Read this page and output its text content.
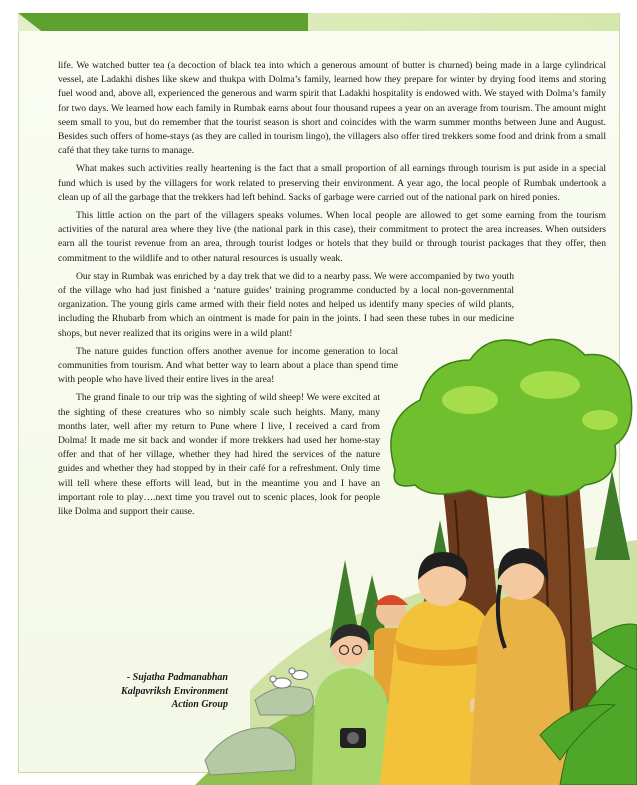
life. We watched butter tea (a decoction of black tea into which a generous amount of butter is churned) being made in a large cylindrical vessel, ate Ladakhi dishes like skew and thukpa with Dolma’s family, learned how they prepare for winter by drying food items and storing fuel wood and, above all, experienced the generous and warm spirit that Ladakhi hospitality is endowed with. We stayed with Dolma’s family for two days. We learned how each family in Rumbak earns about four thousand rupees a year on an average from tourism. The amount might seem small to you, but do remember that the tourist season is short and coincides with the warm summer months between June and August. Besides such offers of home-stays (as they are called in tourism lingo), the villagers also offer tired trekkers some food and drink from a small café that they take turns to manage.

What makes such activities really heartening is the fact that a small proportion of all earnings through tourism is put aside in a special fund which is used by the villagers for work related to preserving their environment. A year ago, the local people of Rumbak undertook a clean up of all the garbage that the trekkers had left behind. Sacks of garbage were carried out of the national park on hired ponies.

This little action on the part of the villagers speaks volumes. When local people are allowed to get some earning from the tourism activities of the natural area where they live (the national park in this case), their commitment to protect the area increases. When outsiders earn all the tourist revenue from an area, through tourist lodges or hotels that they build or through tourist packages that they offer, then commitment to the wildlife and to other natural resources is usually weak.

Our stay in Rumbak was enriched by a day trek that we did to a nearby pass. We were accompanied by two youth of the village who had just finished a ‘nature guides’ training programme conducted by a local non-governmental organization. The young girls came armed with their field notes and helped us identify many species of wild plants, including the Rhubarb from which an ointment is made for pain in the joints. I had seen these tubes in our medicine shops, but never realized that its origins were in a wild plant!

The nature guides function offers another avenue for income generation to local communities from tourism. And what better way to learn about a place than spend time with people who have lived their entire lives in the area!

The grand finale to our trip was the sighting of wild sheep! We were excited at the sighting of these creatures who so nimbly scale such heights. Many, many months later, well after my return to Pune where I live, I received a card from Dolma! It made me sit back and wonder if more trekkers had used her home-stay offer and that of her village, whether they had hired the services of the nature guides and whether they had stopped by in their café for a refreshment. Only time will tell where these efforts will lead, but in the meantime you and I have an important role to play….next time you travel out to scenic places, look for people like Dolma and support their cause.

- Sujatha Padmanabhan
Kalpavriksh Environment
Action Group
